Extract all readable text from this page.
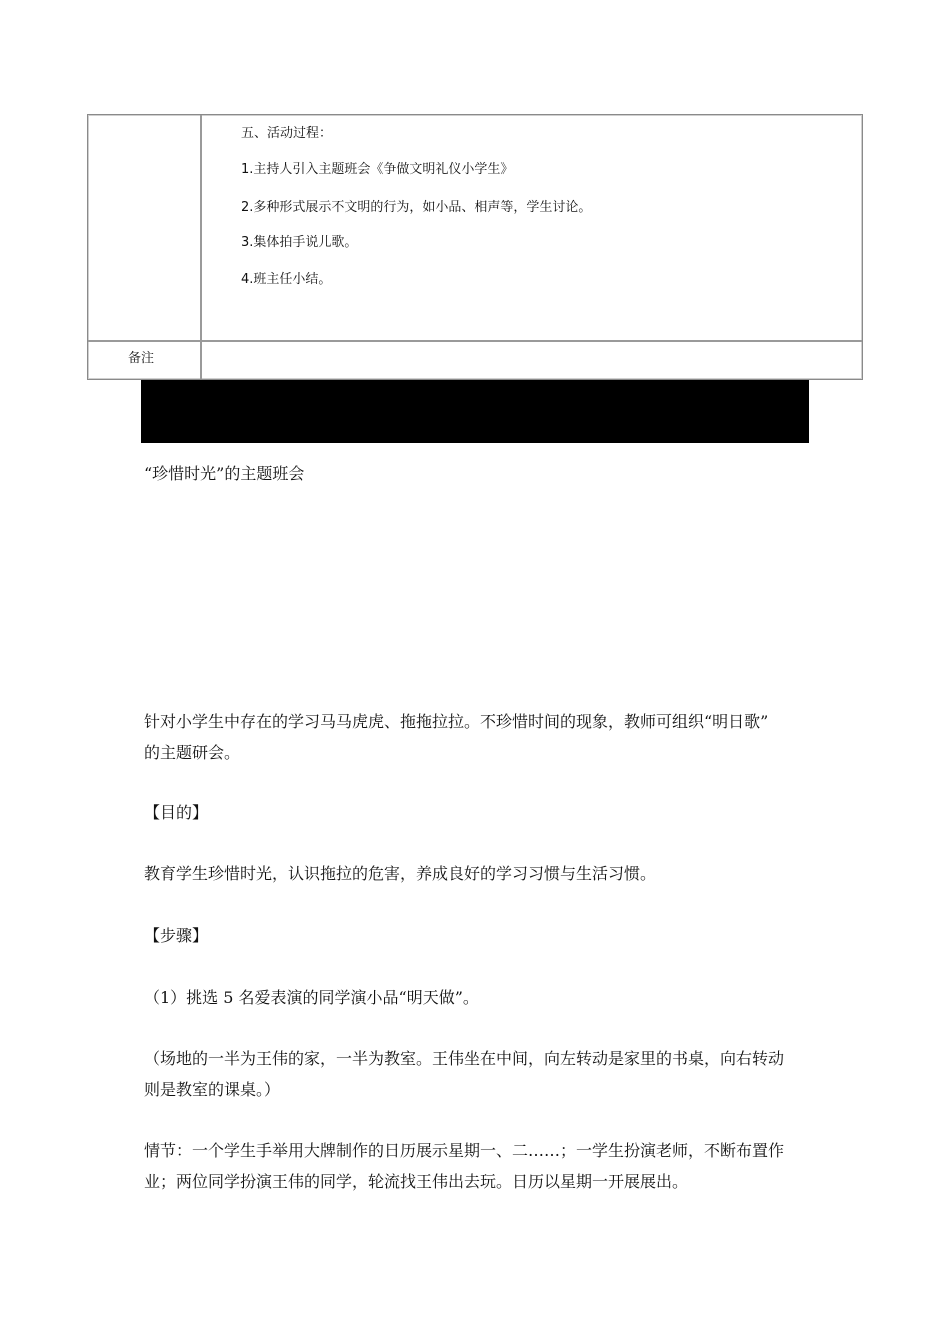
五、活动过程：
1.主持人引入主题班会《争做文明礼仪小学生》
2.多种形式展示不文明的行为，如小品、相声等，学生讨论。
3.集体拍手说儿歌。
4.班主任小结。
备注
“珍惜时光”的主题班会
针对小学生中存在的学习马马虎虎、拖拖拉拉。不珍惜时间的现象，教师可组织“明日歌”
的主题研会。
【目的】
教育学生珍惜时光，认识拖拉的危害，养成良好的学习习惯与生活习惯。
【步骤】
（1）挑选 5 名爱表演的同学演小品“明天做”。
（场地的一半为王伟的家，一半为教室。王伟坐在中间，向左转动是家里的书桌，向右转动
则是教室的课桌。）
情节：一个学生手举用大牌制作的日历展示星期一、二……；一学生扮演老师，不断布置作
业；两位同学扮演王伟的同学，轮流找王伟出去玩。日历以星期一开展展出。
